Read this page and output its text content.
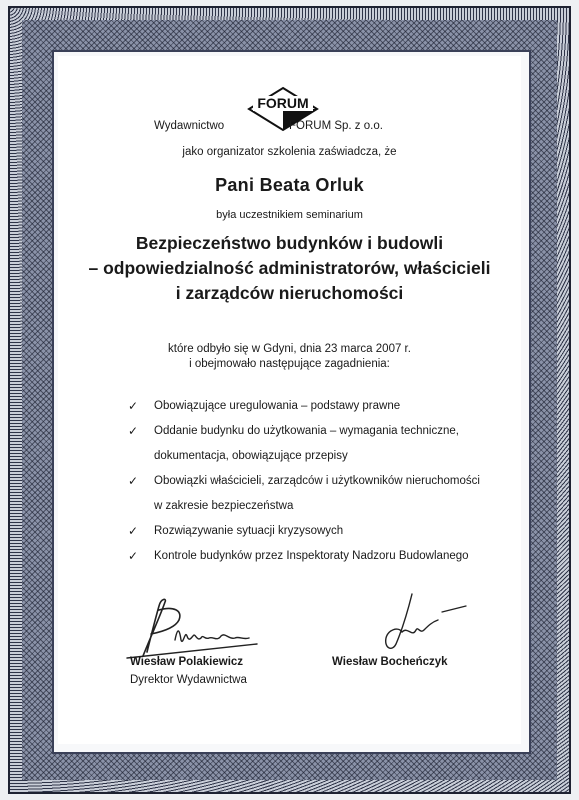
FORUM
Wydawnictwo	FORUM Sp. z o.o.
jako organizator szkolenia zaświadcza, że
Pani Beata Orluk
była uczestnikiem seminarium
Bezpieczeństwo budynków i budowli
– odpowiedzialność administratorów, właścicieli
i zarządców nieruchomości
które odbyło się w Gdyni, dnia 23 marca 2007 r.
i obejmowało następujące zagadnienia:
✓	Obowiązujące uregulowania – podstawy prawne
✓	Oddanie budynku do użytkowania – wymagania techniczne,
dokumentacja, obowiązujące przepisy
✓	Obowiązki właścicieli, zarządców i użytkowników nieruchomości
w zakresie bezpieczeństwa
✓	Rozwiązywanie sytuacji kryzysowych
✓	Kontrole budynków przez Inspektoraty Nadzoru Budowlanego
Wiesław Polakiewicz
Dyrektor Wydawnictwa
Wiesław Bocheńczyk
